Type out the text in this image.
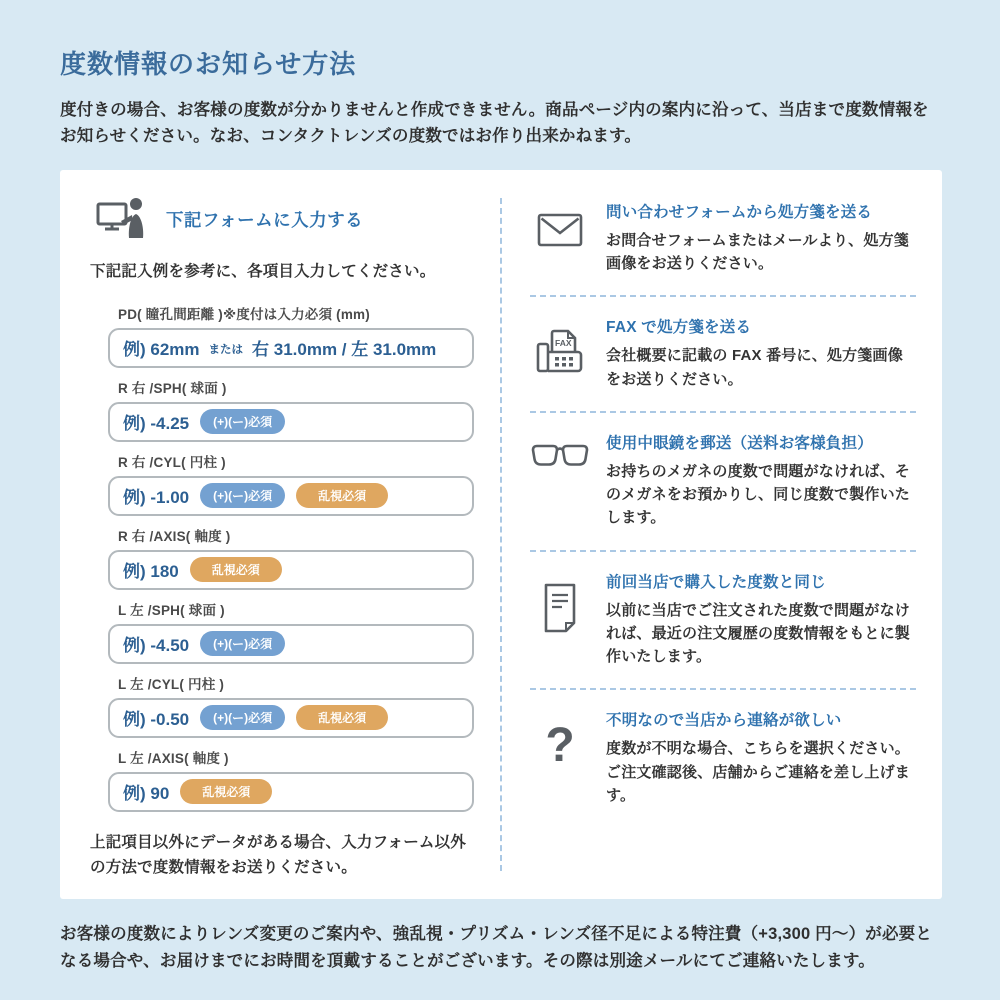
度数情報のお知らせ方法

度付きの場合、お客様の度数が分かりませんと作成できません。商品ページ内の案内に沿って、当店まで度数情報をお知らせください。なお、コンタクトレンズの度数ではお作り出来かねます。

下記フォームに入力する

下記記入例を参考に、各項目入力してください。

PD( 瞳孔間距離 )※度付は入力必須 (mm)
例) 62mm または 右 31.0mm / 左 31.0mm
R 右 /SPH( 球面 )
例) -4.25	(+)(ー)必須
R 右 /CYL( 円柱 )
例) -1.00	(+)(ー)必須	乱視必須
R 右 /AXIS( 軸度 )
例) 180	乱視必須
L 左 /SPH( 球面 )
例) -4.50	(+)(ー)必須
L 左 /CYL( 円柱 )
例) -0.50	(+)(ー)必須	乱視必須
L 左 /AXIS( 軸度 )
例) 90	乱視必須

上記項目以外にデータがある場合、入力フォーム以外の方法で度数情報をお送りください。

問い合わせフォームから処方箋を送る
お問合せフォームまたはメールより、処方箋画像をお送りください。
FAX
FAX で処方箋を送る
会社概要に記載の FAX 番号に、処方箋画像をお送りください。
使用中眼鏡を郵送（送料お客様負担）
お持ちのメガネの度数で問題がなければ、そのメガネをお預かりし、同じ度数で製作いたします。
前回当店で購入した度数と同じ
以前に当店でご注文された度数で問題がなければ、最近の注文履歴の度数情報をもとに製作いたします。
? 不明なので当店から連絡が欲しい
度数が不明な場合、こちらを選択ください。ご注文確認後、店舗からご連絡を差し上げます。

お客様の度数によりレンズ変更のご案内や、強乱視・プリズム・レンズ径不足による特注費（+3,300 円〜）が必要となる場合や、お届けまでにお時間を頂戴することがございます。その際は別途メールにてご連絡いたします。
